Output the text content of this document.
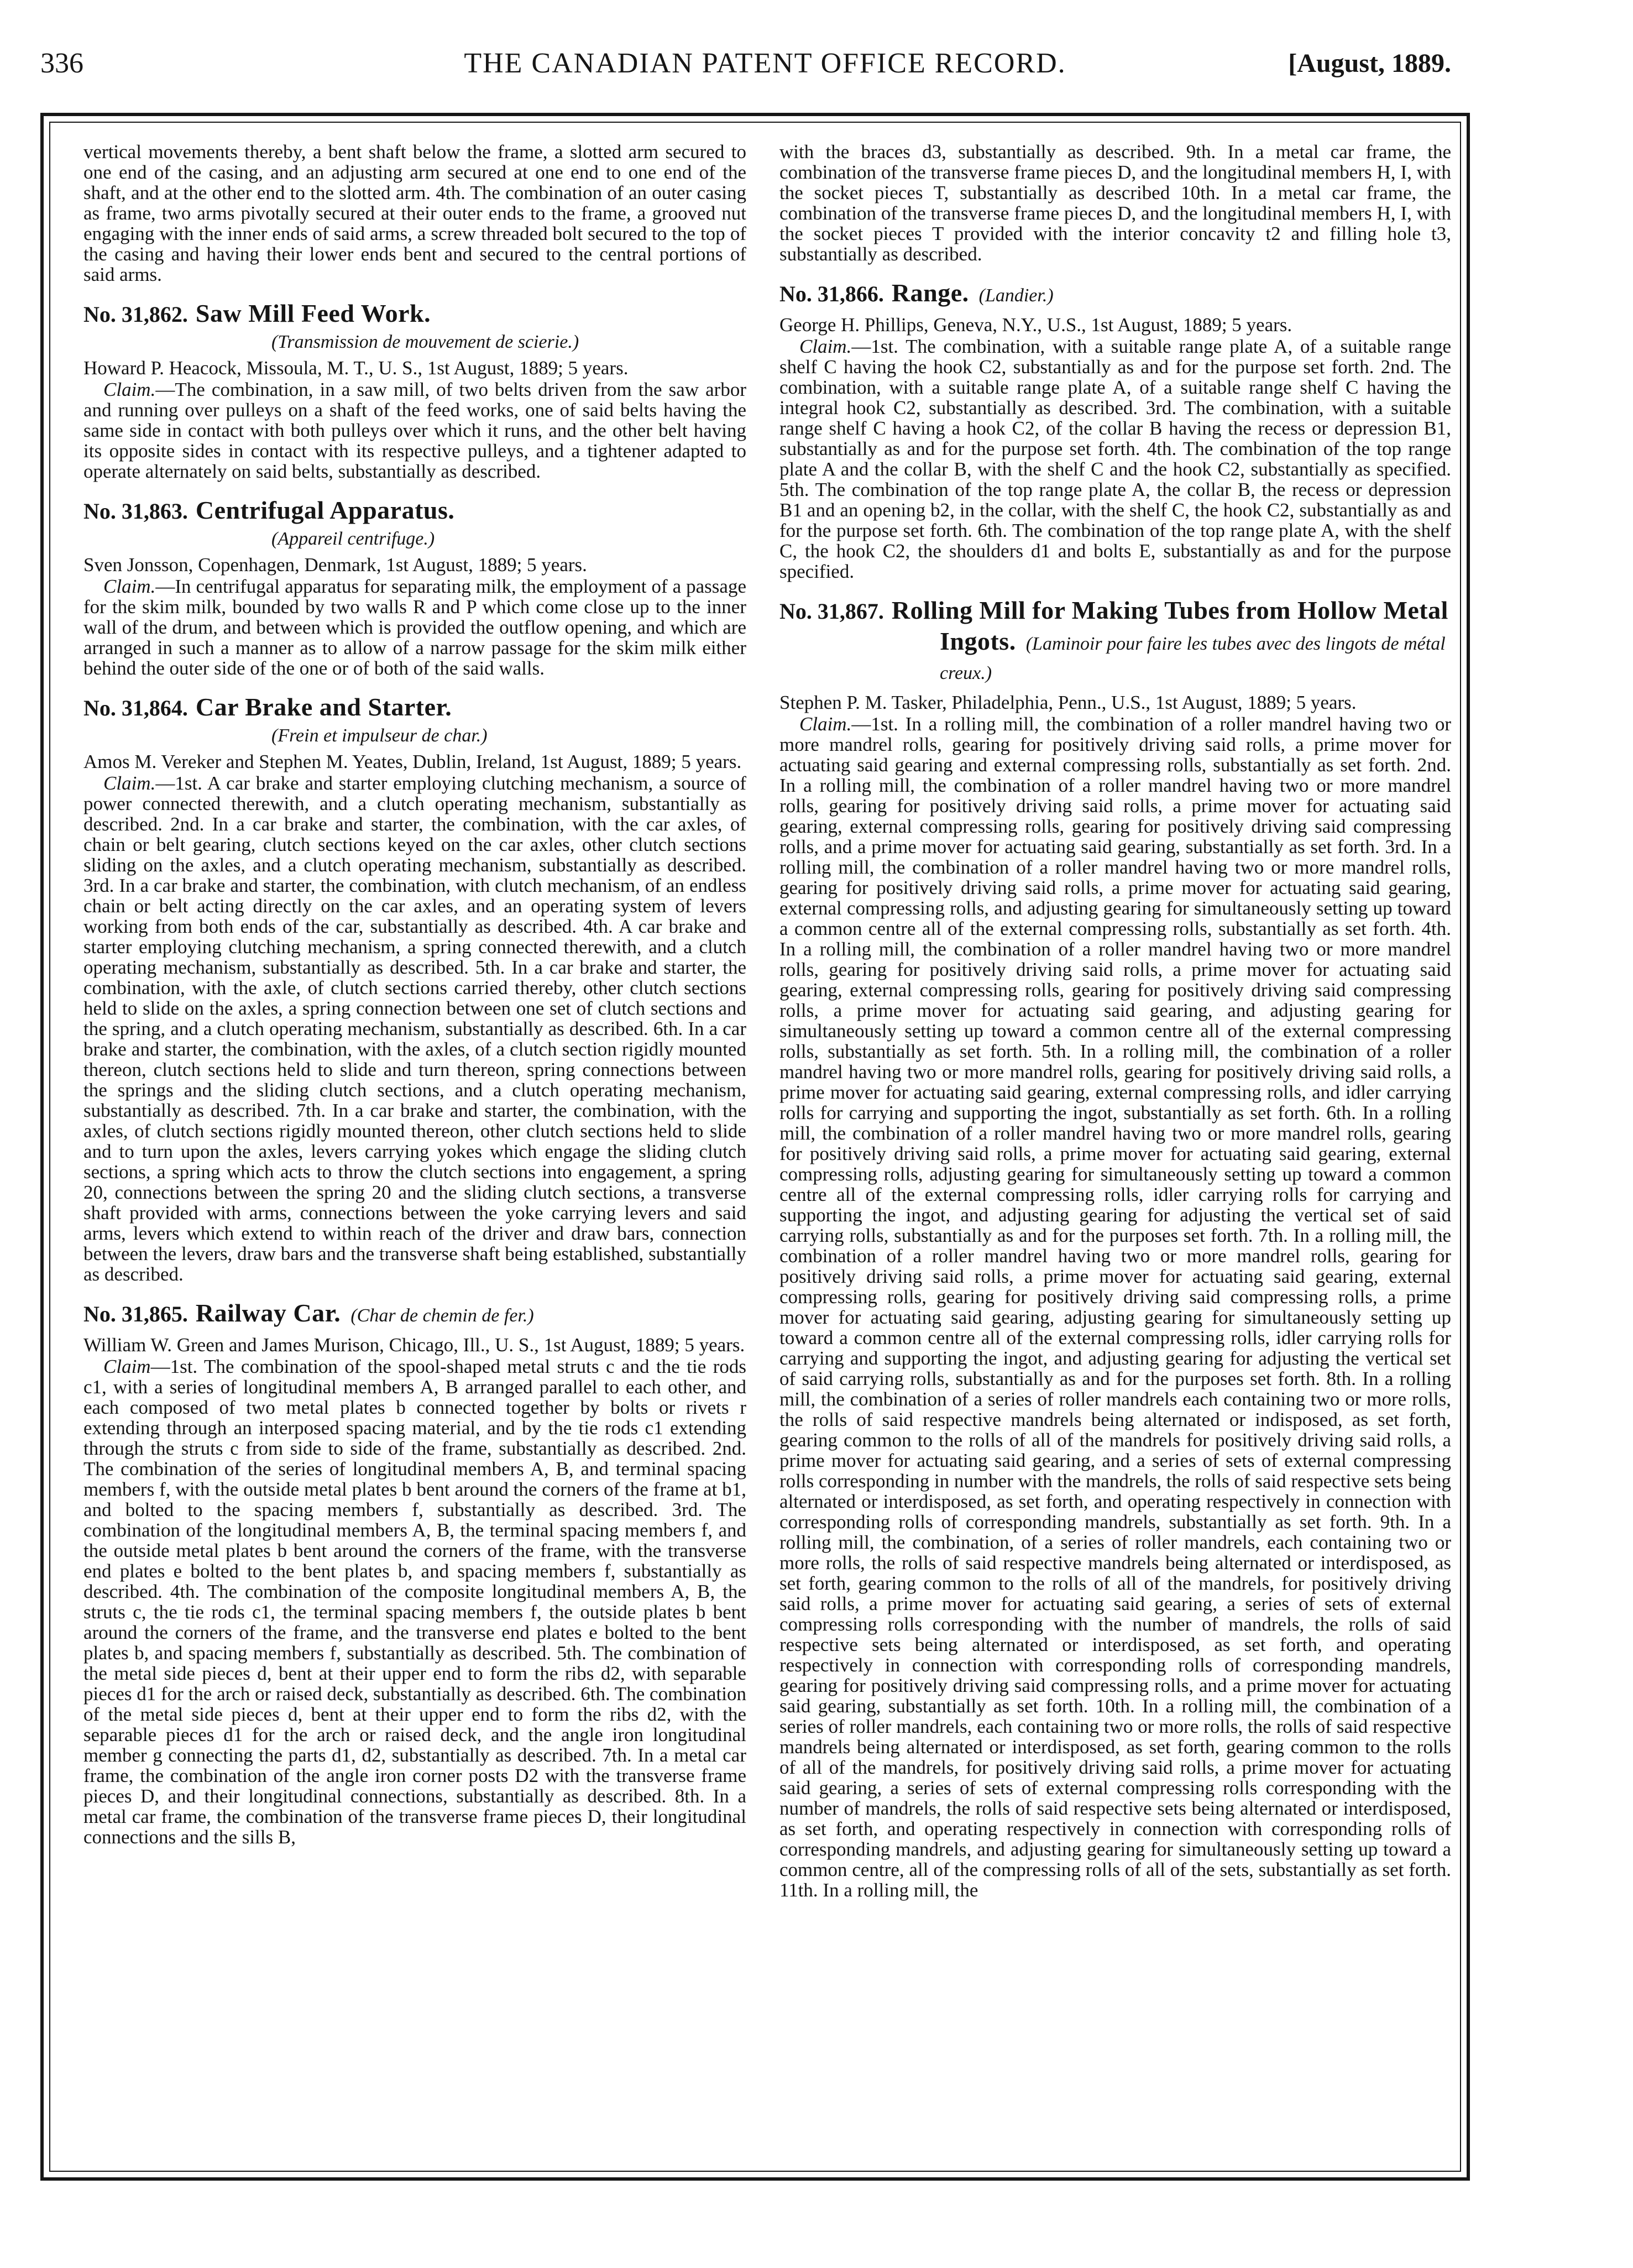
336	THE CANADIAN PATENT OFFICE RECORD.	[August, 1889.

vertical movements thereby, a bent shaft below the frame, a slotted arm secured to one end of the casing, and an adjusting arm secured at one end to one end of the shaft, and at the other end to the slotted arm. 4th. The combination of an outer casing as frame, two arms pivotally secured at their outer ends to the frame, a grooved nut engaging with the inner ends of said arms, a screw threaded bolt secured to the top of the casing and having their lower ends bent and secured to the central portions of said arms.

No. 31,862. Saw Mill Feed Work.
(Transmission de mouvement de scierie.)

Howard P. Heacock, Missoula, M. T., U. S., 1st August, 1889; 5 years.

Claim.—The combination, in a saw mill, of two belts driven from the saw arbor and running over pulleys on a shaft of the feed works, one of said belts having the same side in contact with both pulleys over which it runs, and the other belt having its opposite sides in contact with its respective pulleys, and a tightener adapted to operate alternately on said belts, substantially as described.

No. 31,863. Centrifugal Apparatus.
(Appareil centrifuge.)

Sven Jonsson, Copenhagen, Denmark, 1st August, 1889; 5 years.

Claim.—In centrifugal apparatus for separating milk, the employment of a passage for the skim milk, bounded by two walls R and P which come close up to the inner wall of the drum, and between which is provided the outflow opening, and which are arranged in such a manner as to allow of a narrow passage for the skim milk either behind the outer side of the one or of both of the said walls.

No. 31,864. Car Brake and Starter.
(Frein et impulseur de char.)

Amos M. Vereker and Stephen M. Yeates, Dublin, Ireland, 1st August, 1889; 5 years.

Claim.—1st. A car brake and starter employing clutching mechanism, a source of power connected therewith, and a clutch operating mechanism, substantially as described. 2nd. In a car brake and starter, the combination, with the car axles, of chain or belt gearing, clutch sections keyed on the car axles, other clutch sections sliding on the axles, and a clutch operating mechanism, substantially as described. 3rd. In a car brake and starter, the combination, with clutch mechanism, of an endless chain or belt acting directly on the car axles, and an operating system of levers working from both ends of the car, substantially as described. 4th. A car brake and starter employing clutching mechanism, a spring connected therewith, and a clutch operating mechanism, substantially as described. 5th. In a car brake and starter, the combination, with the axle, of clutch sections carried thereby, other clutch sections held to slide on the axles, a spring connection between one set of clutch sections and the spring, and a clutch operating mechanism, substantially as described. 6th. In a car brake and starter, the combination, with the axles, of a clutch section rigidly mounted thereon, clutch sections held to slide and turn thereon, spring connections between the springs and the sliding clutch sections, and a clutch operating mechanism, substantially as described. 7th. In a car brake and starter, the combination, with the axles, of clutch sections rigidly mounted thereon, other clutch sections held to slide and to turn upon the axles, levers carrying yokes which engage the sliding clutch sections, a spring which acts to throw the clutch sections into engagement, a spring 20, connections between the spring 20 and the sliding clutch sections, a transverse shaft provided with arms, connections between the yoke carrying levers and said arms, levers which extend to within reach of the driver and draw bars, connection between the levers, draw bars and the transverse shaft being established, substantially as described.

No. 31,865. Railway Car. (Char de chemin de fer.)

William W. Green and James Murison, Chicago, Ill., U. S., 1st August, 1889; 5 years.

Claim—1st. The combination of the spool-shaped metal struts c and the tie rods c1, with a series of longitudinal members A, B arranged parallel to each other, and each composed of two metal plates b connected together by bolts or rivets r extending through an interposed spacing material, and by the tie rods c1 extending through the struts c from side to side of the frame, substantially as described. 2nd. The combination of the series of longitudinal members A, B, and terminal spacing members f, with the outside metal plates b bent around the corners of the frame at b1, and bolted to the spacing members f, substantially as described. 3rd. The combination of the longitudinal members A, B, the terminal spacing members f, and the outside metal plates b bent around the corners of the frame, with the transverse end plates e bolted to the bent plates b, and spacing members f, substantially as described. 4th. The combination of the composite longitudinal members A, B, the struts c, the tie rods c1, the terminal spacing members f, the outside plates b bent around the corners of the frame, and the transverse end plates e bolted to the bent plates b, and spacing members f, substantially as described. 5th. The combination of the metal side pieces d, bent at their upper end to form the ribs d2, with separable pieces d1 for the arch or raised deck, substantially as described. 6th. The combination of the metal side pieces d, bent at their upper end to form the ribs d2, with the separable pieces d1 for the arch or raised deck, and the angle iron longitudinal member g connecting the parts d1, d2, substantially as described. 7th. In a metal car frame, the combination of the angle iron corner posts D2 with the transverse frame pieces D, and their longitudinal connections, substantially as described. 8th. In a metal car frame, the combination of the transverse frame pieces D, their longitudinal connections and the sills B,

with the braces d3, substantially as described. 9th. In a metal car frame, the combination of the transverse frame pieces D, and the longitudinal members H, I, with the socket pieces T, substantially as described 10th. In a metal car frame, the combination of the transverse frame pieces D, and the longitudinal members H, I, with the socket pieces T provided with the interior concavity t2 and filling hole t3, substantially as described.

No. 31,866. Range. (Landier.)

George H. Phillips, Geneva, N.Y., U.S., 1st August, 1889; 5 years.

Claim.—1st. The combination, with a suitable range plate A, of a suitable range shelf C having the hook C2, substantially as and for the purpose set forth. 2nd. The combination, with a suitable range plate A, of a suitable range shelf C having the integral hook C2, substantially as described. 3rd. The combination, with a suitable range shelf C having a hook C2, of the collar B having the recess or depression B1, substantially as and for the purpose set forth. 4th. The combination of the top range plate A and the collar B, with the shelf C and the hook C2, substantially as specified. 5th. The combination of the top range plate A, the collar B, the recess or depression B1 and an opening b2, in the collar, with the shelf C, the hook C2, substantially as and for the purpose set forth. 6th. The combination of the top range plate A, with the shelf C, the hook C2, the shoulders d1 and bolts E, substantially as and for the purpose specified.

No. 31,867. Rolling Mill for Making Tubes from Hollow Metal Ingots. (Laminoir pour faire les tubes avec des lingots de métal creux.)

Stephen P. M. Tasker, Philadelphia, Penn., U.S., 1st August, 1889; 5 years.

Claim.—1st. In a rolling mill, the combination of a roller mandrel having two or more mandrel rolls, gearing for positively driving said rolls, a prime mover for actuating said gearing and external compressing rolls, substantially as set forth. 2nd. In a rolling mill, the combination of a roller mandrel having two or more mandrel rolls, gearing for positively driving said rolls, a prime mover for actuating said gearing, external compressing rolls, gearing for positively driving said compressing rolls, and a prime mover for actuating said gearing, substantially as set forth. 3rd. In a rolling mill, the combination of a roller mandrel having two or more mandrel rolls, gearing for positively driving said rolls, a prime mover for actuating said gearing, external compressing rolls, and adjusting gearing for simultaneously setting up toward a common centre all of the external compressing rolls, substantially as set forth. 4th. In a rolling mill, the combination of a roller mandrel having two or more mandrel rolls, gearing for positively driving said rolls, a prime mover for actuating said gearing, external compressing rolls, gearing for positively driving said compressing rolls, a prime mover for actuating said gearing, and adjusting gearing for simultaneously setting up toward a common centre all of the external compressing rolls, substantially as set forth. 5th. In a rolling mill, the combination of a roller mandrel having two or more mandrel rolls, gearing for positively driving said rolls, a prime mover for actuating said gearing, external compressing rolls, and idler carrying rolls for carrying and supporting the ingot, substantially as set forth. 6th. In a rolling mill, the combination of a roller mandrel having two or more mandrel rolls, gearing for positively driving said rolls, a prime mover for actuating said gearing, external compressing rolls, adjusting gearing for simultaneously setting up toward a common centre all of the external compressing rolls, idler carrying rolls for carrying and supporting the ingot, and adjusting gearing for adjusting the vertical set of said carrying rolls, substantially as and for the purposes set forth. 7th. In a rolling mill, the combination of a roller mandrel having two or more mandrel rolls, gearing for positively driving said rolls, a prime mover for actuating said gearing, external compressing rolls, gearing for positively driving said compressing rolls, a prime mover for actuating said gearing, adjusting gearing for simultaneously setting up toward a common centre all of the external compressing rolls, idler carrying rolls for carrying and supporting the ingot, and adjusting gearing for adjusting the vertical set of said carrying rolls, substantially as and for the purposes set forth. 8th. In a rolling mill, the combination of a series of roller mandrels each containing two or more rolls, the rolls of said respective mandrels being alternated or indisposed, as set forth, gearing common to the rolls of all of the mandrels for positively driving said rolls, a prime mover for actuating said gearing, and a series of sets of external compressing rolls corresponding in number with the mandrels, the rolls of said respective sets being alternated or interdisposed, as set forth, and operating respectively in connection with corresponding rolls of corresponding mandrels, substantially as set forth. 9th. In a rolling mill, the combination, of a series of roller mandrels, each containing two or more rolls, the rolls of said respective mandrels being alternated or interdisposed, as set forth, gearing common to the rolls of all of the mandrels, for positively driving said rolls, a prime mover for actuating said gearing, a series of sets of external compressing rolls corresponding with the number of mandrels, the rolls of said respective sets being alternated or interdisposed, as set forth, and operating respectively in connection with corresponding rolls of corresponding mandrels, gearing for positively driving said compressing rolls, and a prime mover for actuating said gearing, substantially as set forth. 10th. In a rolling mill, the combination of a series of roller mandrels, each containing two or more rolls, the rolls of said respective mandrels being alternated or interdisposed, as set forth, gearing common to the rolls of all of the mandrels, for positively driving said rolls, a prime mover for actuating said gearing, a series of sets of external compressing rolls corresponding with the number of mandrels, the rolls of said respective sets being alternated or interdisposed, as set forth, and operating respectively in connection with corresponding rolls of corresponding mandrels, and adjusting gearing for simultaneously setting up toward a common centre, all of the compressing rolls of all of the sets, substantially as set forth. 11th. In a rolling mill, the
